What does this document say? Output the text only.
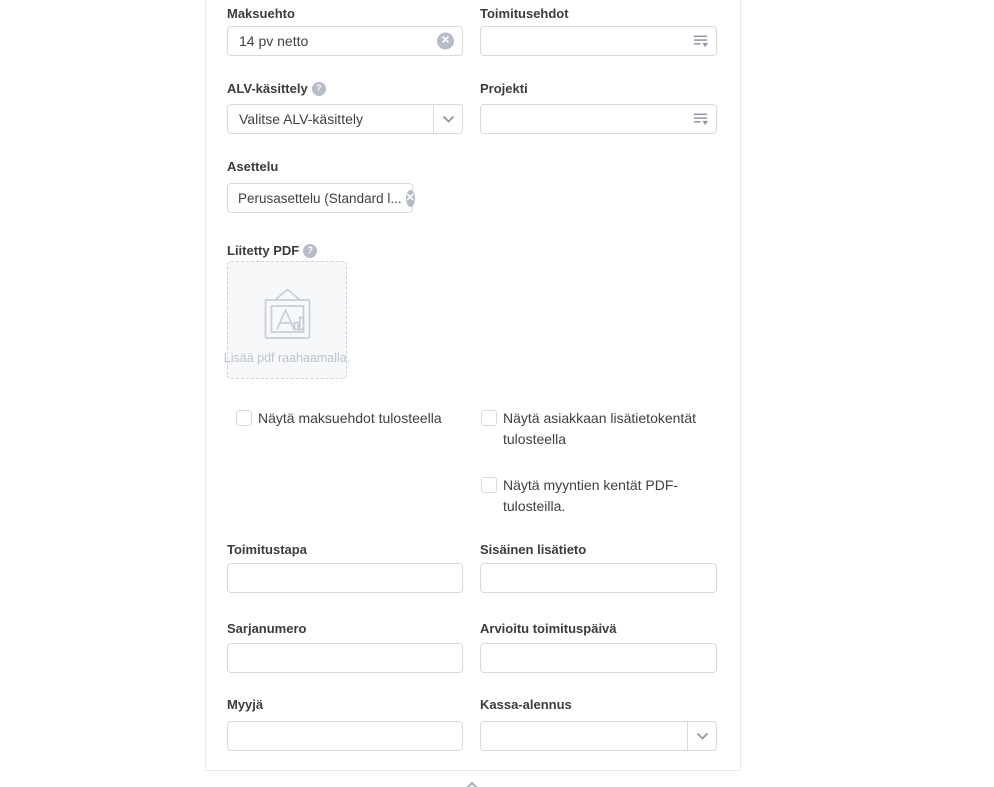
Maksuehto	Toimitusehdot
14 pv netto
✕
ALV-käsittely ?	Projekti
Valitse ALV-käsittely
Asettelu
Perusasettelu (Standard l... ✕
Liitetty PDF ?
Lisää pdf raahaamalla.
Näytä maksuehdot tulosteella	Näytä asiakkaan lisätietokentät tulosteella
Näytä myyntien kentät PDF-tulosteilla.
Toimitustapa	Sisäinen lisätieto
Sarjanumero	Arvioitu toimituspäivä
Myyjä	Kassa-alennus
